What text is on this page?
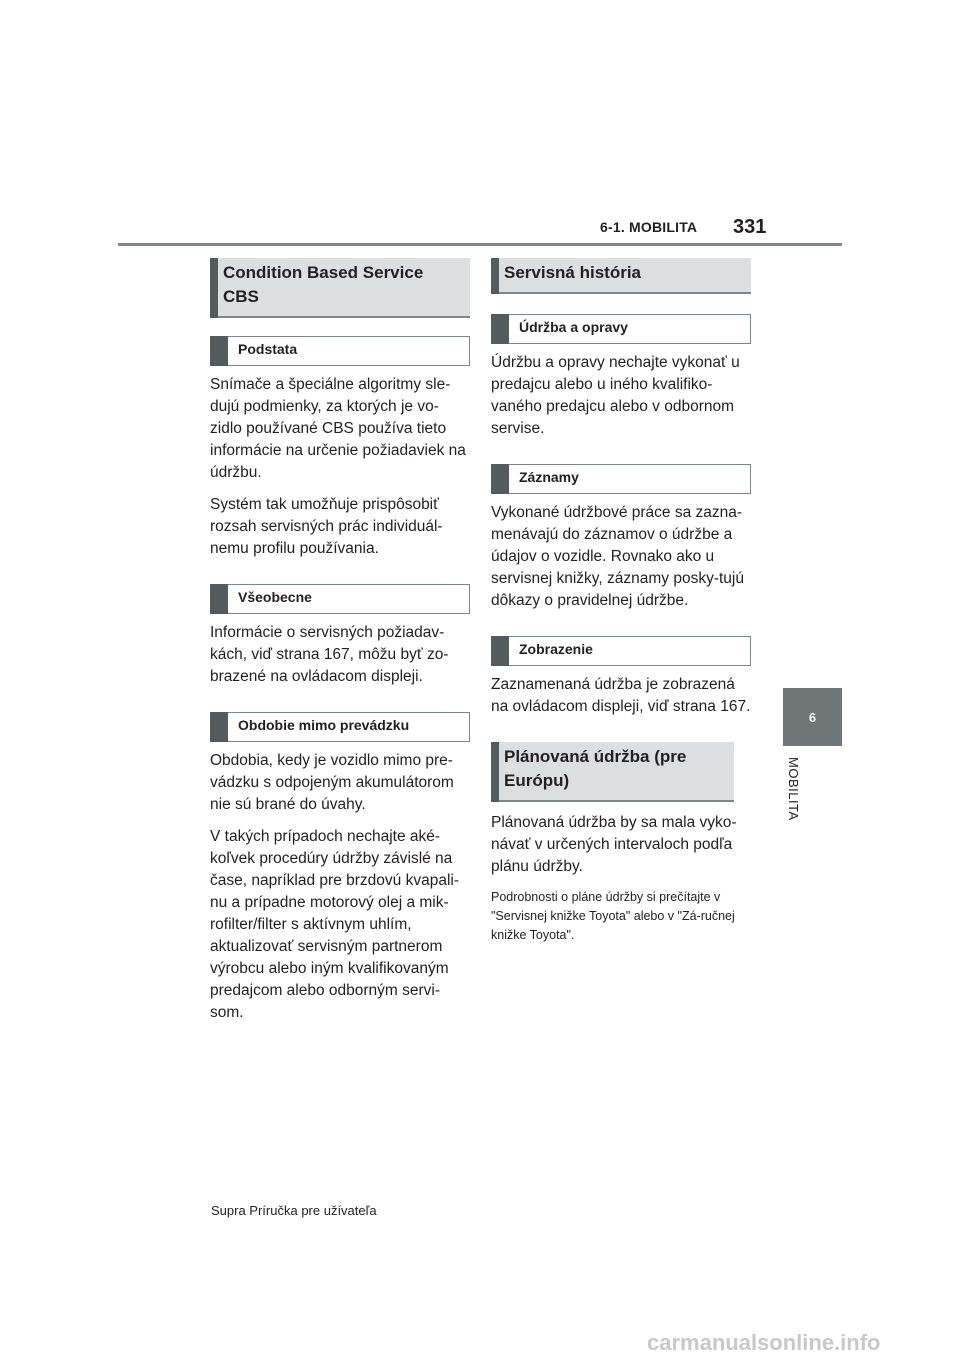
6-1. MOBILITA 331
6
MOBILITA
Condition Based Service CBS
Podstata

Snímače a špeciálne algoritmy sle-dujú podmienky, za ktorých je vo-zidlo používané CBS používa tieto informácie na určenie požiadaviek na údržbu.

Systém tak umožňuje prispôsobiť rozsah servisných prác individuál-nemu profilu používania.

Všeobecne

Informácie o servisných požiadav-kách, viď strana 167, môžu byť zo-brazené na ovládacom displeji.

Obdobie mimo prevádzku

Obdobia, kedy je vozidlo mimo pre-vádzku s odpojeným akumulátorom nie sú brané do úvahy.

V takých prípadoch nechajte aké-koľvek procedúry údržby závislé na čase, napríklad pre brzdovú kvapali-nu a prípadne motorový olej a mik-rofilter/filter s aktívnym uhlím, aktualizovať servisným partnerom výrobcu alebo iným kvalifikovaným predajcom alebo odborným servi-som.

Servisná história
Údržba a opravy

Údržbu a opravy nechajte vykonať u predajcu alebo u iného kvalifiko-vaného predajcu alebo v odbornom servise.

Záznamy

Vykonané údržbové práce sa zazna-menávajú do záznamov o údržbe a údajov o vozidle. Rovnako ako u servisnej knižky, záznamy posky-tujú dôkazy o pravidelnej údržbe.

Zobrazenie

Zaznamenaná údržba je zobrazená na ovládacom displeji, viď strana 167.

Plánovaná údržba (pre Európu)

Plánovaná údržba by sa mala vyko-návať v určených intervaloch podľa plánu údržby.

Podrobnosti o pláne údržby si prečítajte v "Servisnej knižke Toyota" alebo v "Zá-ručnej knižke Toyota".

Supra Príručka pre užívateľa
carmanualsonline.info
